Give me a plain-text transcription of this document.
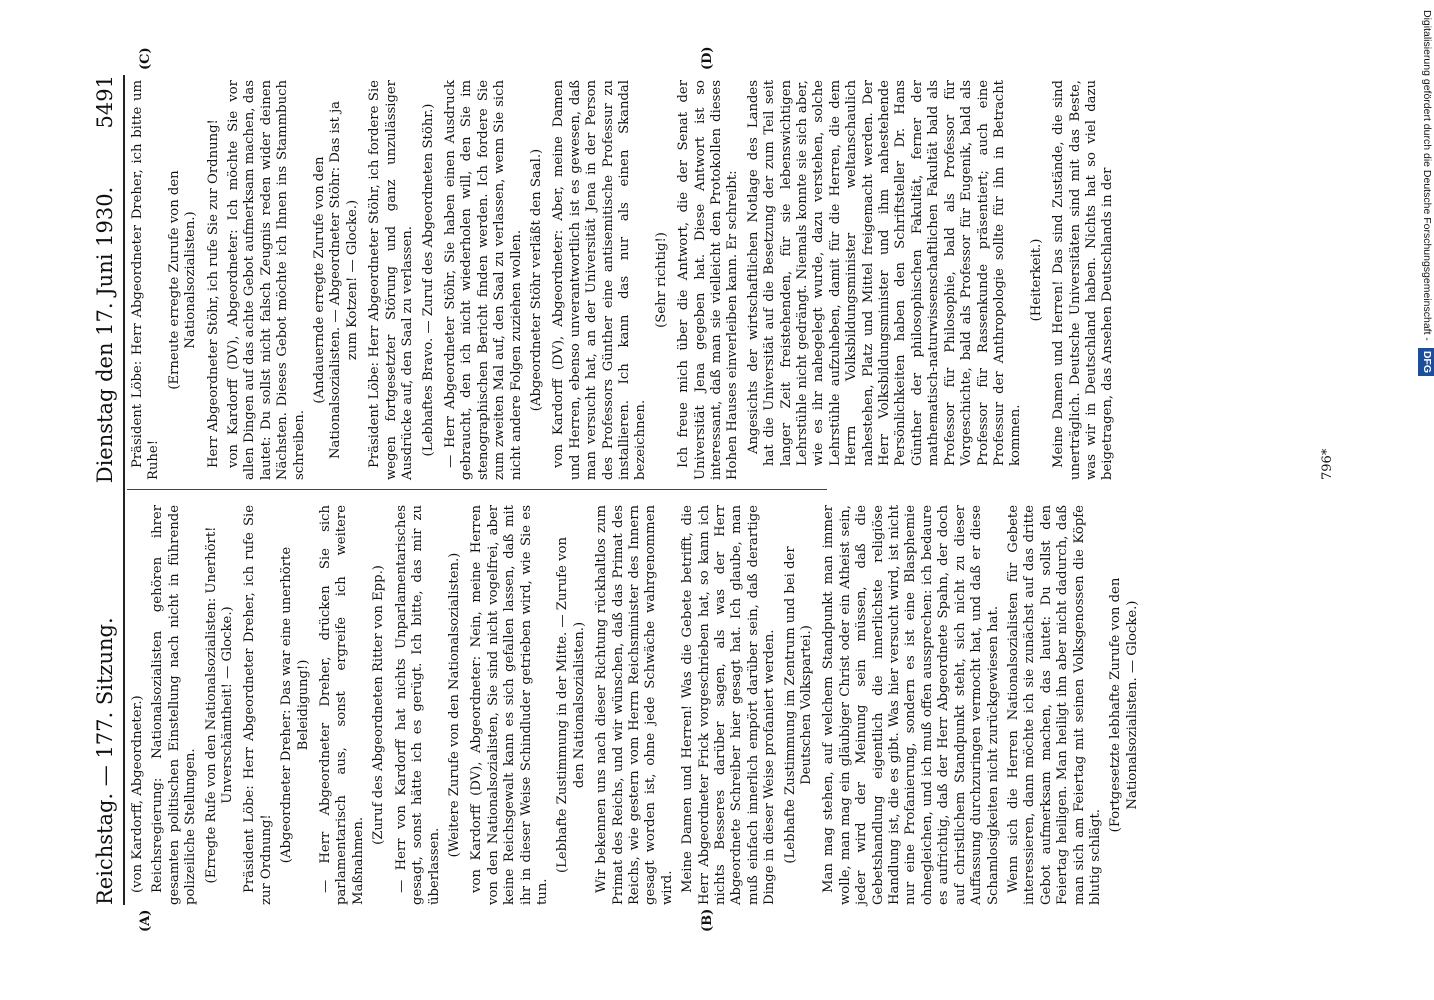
Reichstag. — 177. Sitzung.
Dienstag den 17. Juni 1930.
5491
(A)	(B)
(C)	(D)

(von Kardorff, Abgeordneter.) Reichsregierung: Nationalsozialisten gehören ihrer gesamten politischen Einstellung nach nicht in führende polizeiliche Stellungen. (Erregte Rufe von den Nationalsozialisten: Unerhört! Unverschämtheit! — Glocke.) Präsident Löbe: Herr Abgeordneter Dreher, ich rufe Sie zur Ordnung! (Abgeordneter Dreher: Das war eine unerhörte Beleidigung!) — Herr Abgeordneter Dreher, drücken Sie sich parlamentarisch aus, sonst ergreife ich weitere Maßnahmen.

(Zuruf des Abgeordneten Ritter von Epp.) — Herr von Kardorff hat nichts Unparlamentarisches gesagt, sonst hätte ich es gerügt. Ich bitte, das mir zu überlassen.

(Weitere Zurufe von den Nationalsozialisten.) von Kardorff (DV), Abgeordneter: Nein, meine Herren von den Nationalsozialisten, Sie sind nicht vogelfrei, aber keine Reichsgewalt kann es sich gefallen lassen, daß mit ihr in dieser Weise Schindluder getrieben wird, wie Sie es tun.

(Lebhafte Zustimmung in der Mitte. — Zurufe von den Nationalsozialisten.) Wir bekennen uns nach dieser Richtung rückhaltlos zum Primat des Reichs, und wir wünschen, daß das Primat des Reichs, wie gestern vom Herrn Reichsminister des Innern gesagt worden ist, ohne jede Schwäche wahrgenommen wird. Meine Damen und Herren! Was die Gebete betrifft, die Herr Abgeordneter Frick vorgeschrieben hat, so kann ich nichts Besseres darüber sagen, als was der Herr Abgeordnete Schreiber hier gesagt hat. Ich glaube, man muß einfach innerlich empört darüber sein, daß derartige Dinge in dieser Weise profaniert werden. (Lebhafte Zustimmung im Zentrum und bei der Deutschen Volkspartei.) Man mag stehen, auf welchem Standpunkt man immer wolle, man mag ein gläubiger Christ oder ein Atheist sein, jeder wird der Meinung sein müssen, daß die Gebetshandlung eigentlich die innerlichste religiöse Handlung ist, die es gibt. Was hier versucht wird, ist nicht nur eine Profanierung, sondern es ist eine Blasphemie ohnegleichen, und ich muß offen aussprechen: ich bedaure es aufrichtig, daß der Herr Abgeordnete Spahn, der doch auf christlichem Standpunkt steht, sich nicht zu dieser Auffassung durchzuringen vermocht hat, und daß er diese Schamlosigkeiten nicht zurückgewiesen hat. Wenn sich die Herren Nationalsozialisten für Gebete interessieren, dann möchte ich sie zunächst auf das dritte Gebot aufmerksam machen, das lautet: Du sollst den Feiertag heiligen. Man heiligt ihn aber nicht dadurch, daß man sich am Feiertag mit seinen Volksgenossen die Köpfe blutig schlägt.

(Fortgesetzte lebhafte Zurufe von den Nationalsozialisten. — Glocke.)

Präsident Löbe: Herr Abgeordneter Dreher, ich bitte um Ruhe!

(Erneute erregte Zurufe von den Nationalsozialisten.) Herr Abgeordneter Stöhr, ich rufe Sie zur Ordnung! von Kardorff (DV), Abgeordneter: Ich möchte Sie vor allen Dingen auf das achte Gebot aufmerksam machen, das lautet: Du sollst nicht falsch Zeugnis reden wider deinen Nächsten. Dieses Gebot möchte ich Ihnen ins Stammbuch schreiben.

(Andauernde erregte Zurufe von den Nationalsozialisten. — Abgeordneter Stöhr: Das ist ja zum Kotzen! — Glocke.) Präsident Löbe: Herr Abgeordneter Stöhr, ich fordere Sie wegen fortgesetzter Störung und ganz unzulässiger Ausdrücke auf, den Saal zu verlassen. (Lebhaftes Bravo. — Zuruf des Abgeordneten Stöhr.) — Herr Abgeordneter Stöhr, Sie haben einen Ausdruck gebraucht, den ich nicht wiederholen will, den Sie im stenographischen Bericht finden werden. Ich fordere Sie zum zweiten Mal auf, den Saal zu verlassen, wenn Sie sich nicht andere Folgen zuziehen wollen. (Abgeordneter Stöhr verläßt den Saal.) von Kardorff (DV), Abgeordneter: Aber, meine Damen und Herren, ebenso unverantwortlich ist es gewesen, daß man versucht hat, an der Universität Jena in der Person des Professors Günther eine antisemitische Professur zu installieren. Ich kann das nur als einen Skandal bezeichnen.

(Sehr richtig!) Ich freue mich über die Antwort, die der Senat der Universität Jena gegeben hat. Diese Antwort ist so interessant, daß man sie vielleicht den Protokollen dieses Hohen Hauses einverleiben kann. Er schreibt: Angesichts der wirtschaftlichen Notlage des Landes hat die Universität auf die Besetzung der zum Teil seit langer Zeit freistehenden, für sie lebenswichtigen Lehrstühle nicht gedrängt. Niemals konnte sie sich aber, wie es ihr nahegelegt wurde, dazu verstehen, solche Lehrstühle aufzuheben, damit für die Herren, die dem Herrn Volksbildungsminister weltanschaulich nahestehen, Platz und Mittel freigemacht werden. Der Herr Volksbildungsminister und ihm nahestehende Persönlichkeiten haben den Schriftsteller Dr. Hans Günther der philosophischen Fakultät, ferner der mathematisch-naturwissenschaftlichen Fakultät bald als Professor für Philosophie, bald als Professor für Vorgeschichte, bald als Professor für Eugenik, bald als Professor für Rassenkunde präsentiert; auch eine Professur der Anthropologie sollte für ihn in Betracht kommen.

(Heiterkeit.) Meine Damen und Herren! Das sind Zustände, die sind unerträglich. Deutsche Universitäten sind mit das Beste, was wir in Deutschland haben. Nichts hat so viel dazu beigetragen, das Ansehen Deutschlands in der	796*
Digitalisierung gefördert durch die Deutsche Forschungsgemeinschaft - DFG
